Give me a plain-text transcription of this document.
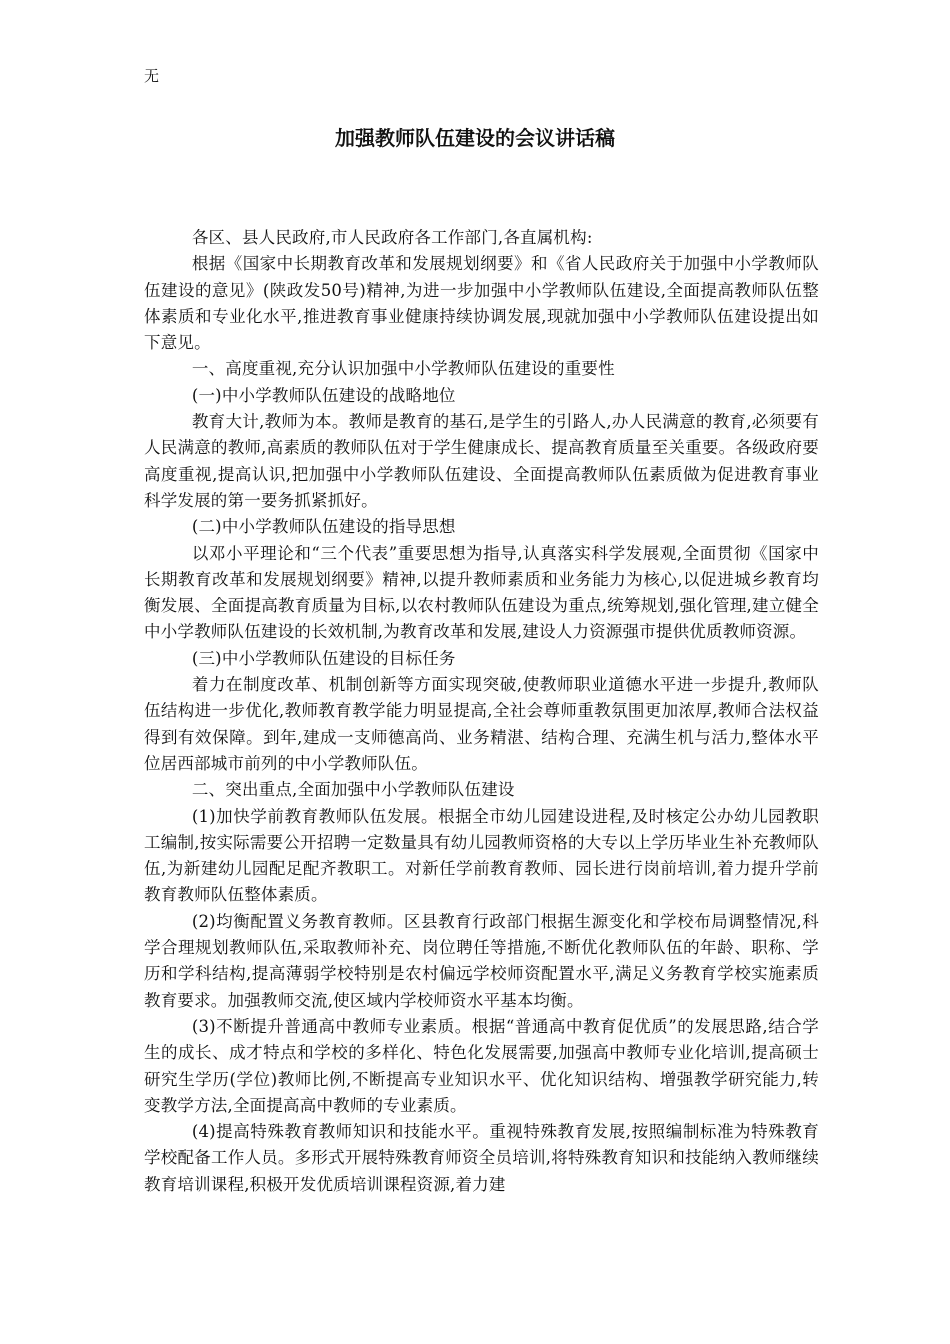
无
加强教师队伍建设的会议讲话稿

各区、县人民政府,市人民政府各工作部门,各直属机构:

根据《国家中长期教育改革和发展规划纲要》和《省人民政府关于加强中小学教师队伍建设的意见》(陕政发50号)精神,为进一步加强中小学教师队伍建设,全面提高教师队伍整体素质和专业化水平,推进教育事业健康持续协调发展,现就加强中小学教师队伍建设提出如下意见。

一、高度重视,充分认识加强中小学教师队伍建设的重要性

(一)中小学教师队伍建设的战略地位

教育大计,教师为本。教师是教育的基石,是学生的引路人,办人民满意的教育,必须要有人民满意的教师,高素质的教师队伍对于学生健康成长、提高教育质量至关重要。各级政府要高度重视,提高认识,把加强中小学教师队伍建设、全面提高教师队伍素质做为促进教育事业科学发展的第一要务抓紧抓好。

(二)中小学教师队伍建设的指导思想

以邓小平理论和“三个代表”重要思想为指导,认真落实科学发展观,全面贯彻《国家中长期教育改革和发展规划纲要》精神,以提升教师素质和业务能力为核心,以促进城乡教育均衡发展、全面提高教育质量为目标,以农村教师队伍建设为重点,统筹规划,强化管理,建立健全中小学教师队伍建设的长效机制,为教育改革和发展,建设人力资源强市提供优质教师资源。

(三)中小学教师队伍建设的目标任务

着力在制度改革、机制创新等方面实现突破,使教师职业道德水平进一步提升,教师队伍结构进一步优化,教师教育教学能力明显提高,全社会尊师重教氛围更加浓厚,教师合法权益得到有效保障。到年,建成一支师德高尚、业务精湛、结构合理、充满生机与活力,整体水平位居西部城市前列的中小学教师队伍。

二、突出重点,全面加强中小学教师队伍建设

(1)加快学前教育教师队伍发展。根据全市幼儿园建设进程,及时核定公办幼儿园教职工编制,按实际需要公开招聘一定数量具有幼儿园教师资格的大专以上学历毕业生补充教师队伍,为新建幼儿园配足配齐教职工。对新任学前教育教师、园长进行岗前培训,着力提升学前教育教师队伍整体素质。

(2)均衡配置义务教育教师。区县教育行政部门根据生源变化和学校布局调整情况,科学合理规划教师队伍,采取教师补充、岗位聘任等措施,不断优化教师队伍的年龄、职称、学历和学科结构,提高薄弱学校特别是农村偏远学校师资配置水平,满足义务教育学校实施素质教育要求。加强教师交流,使区域内学校师资水平基本均衡。

(3)不断提升普通高中教师专业素质。根据“普通高中教育促优质”的发展思路,结合学生的成长、成才特点和学校的多样化、特色化发展需要,加强高中教师专业化培训,提高硕士研究生学历(学位)教师比例,不断提高专业知识水平、优化知识结构、增强教学研究能力,转变教学方法,全面提高高中教师的专业素质。

(4)提高特殊教育教师知识和技能水平。重视特殊教育发展,按照编制标准为特殊教育学校配备工作人员。多形式开展特殊教育师资全员培训,将特殊教育知识和技能纳入教师继续教育培训课程,积极开发优质培训课程资源,着力建
